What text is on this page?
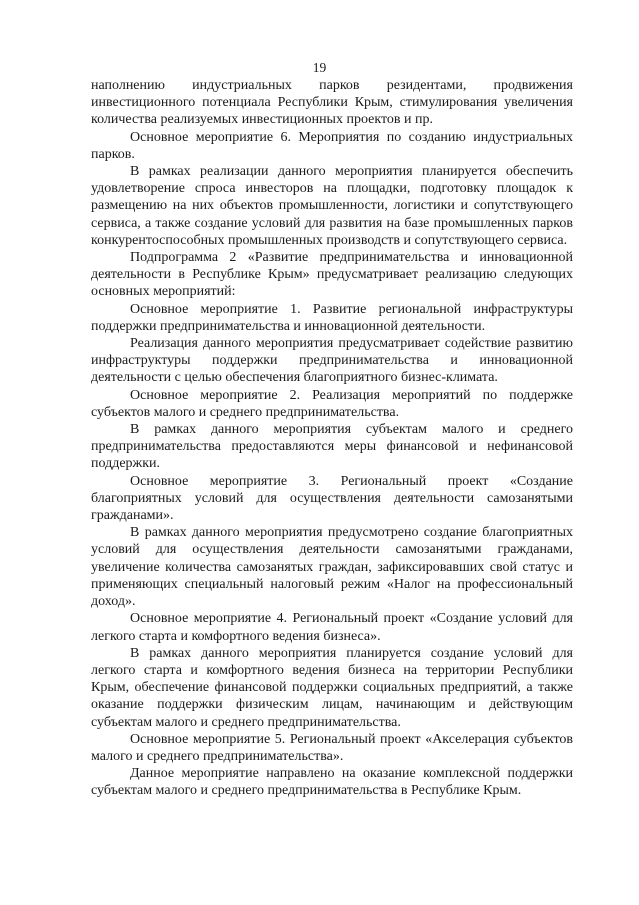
19

наполнению индустриальных парков резидентами, продвижения инвестиционного потенциала Республики Крым, стимулирования увеличения количества реализуемых инвестиционных проектов и пр.

Основное мероприятие 6. Мероприятия по созданию индустриальных парков.

В рамках реализации данного мероприятия планируется обеспечить удовлетворение спроса инвесторов на площадки, подготовку площадок к размещению на них объектов промышленности, логистики и сопутствующего сервиса, а также создание условий для развития на базе промышленных парков конкурентоспособных промышленных производств и сопутствующего сервиса.

Подпрограмма 2 «Развитие предпринимательства и инновационной деятельности в Республике Крым» предусматривает реализацию следующих основных мероприятий:

Основное мероприятие 1. Развитие региональной инфраструктуры поддержки предпринимательства и инновационной деятельности.

Реализация данного мероприятия предусматривает содействие развитию инфраструктуры поддержки предпринимательства и инновационной деятельности с целью обеспечения благоприятного бизнес-климата.

Основное мероприятие 2. Реализация мероприятий по поддержке субъектов малого и среднего предпринимательства.

В рамках данного мероприятия субъектам малого и среднего предпринимательства предоставляются меры финансовой и нефинансовой поддержки.

Основное мероприятие 3. Региональный проект «Создание благоприятных условий для осуществления деятельности самозанятыми гражданами».

В рамках данного мероприятия предусмотрено создание благоприятных условий для осуществления деятельности самозанятыми гражданами, увеличение количества самозанятых граждан, зафиксировавших свой статус и применяющих специальный налоговый режим «Налог на профессиональный доход».

Основное мероприятие 4. Региональный проект «Создание условий для легкого старта и комфортного ведения бизнеса».

В рамках данного мероприятия планируется создание условий для легкого старта и комфортного ведения бизнеса на территории Республики Крым, обеспечение финансовой поддержки социальных предприятий, а также оказание поддержки физическим лицам, начинающим и действующим субъектам малого и среднего предпринимательства.

Основное мероприятие 5. Региональный проект «Акселерация субъектов малого и среднего предпринимательства».

Данное мероприятие направлено на оказание комплексной поддержки субъектам малого и среднего предпринимательства в Республике Крым.
